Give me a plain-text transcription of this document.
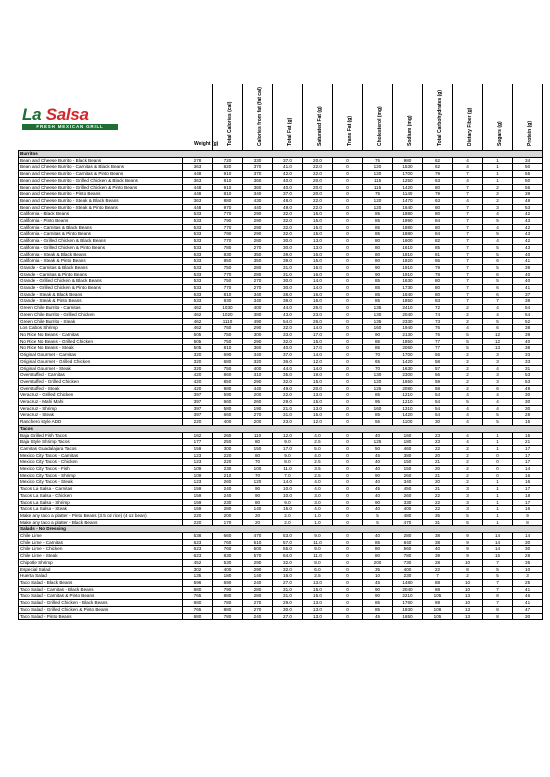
La Salsa
FRESH MEXICAN GRILL	Total Calories (cal)	Calories from fat (fat cal)	Total Fat (g)	Saturated Fat (g)	Trans Fat (g)	Cholesterol (mg)	Sodium (mg)	Total Carbohydrates (g)	Dietary Fiber (g)	Sugars (g)	Protein (g)
Weight (g)
Burritos												
Bean and Cheese Burrito - Black Beans	278	720	330	37.0	20.0	0	75	980	62	4	1	34
Bean and Cheese Burrito - Carnitas & Black Beans	363	820	370	41.0	22.0	0	120	1530	62	4	1	50
Bean and Cheese Burrito - Carnitas & Pinto Beans	448	910	370	42.0	22.0	0	120	1700	79	7	1	55
Bean and Cheese Burrito - Grilled Chicken & Black Beans	363	810	360	40.0	20.0	0	115	1250	63	4	1	50
Bean and Cheese Burrito - Grilled Chicken & Pinto Beans	448	910	360	40.0	20.0	0	115	1420	80	7	2	56
Bean and Cheese Burrito - Pinto Beans	448	810	340	37.0	20.0	0	75	1140	79	7	2	39
Bean and Cheese Burrito - Steak & Black Beans	363	880	430	48.0	22.0	0	120	1470	63	4	2	48
Bean and Cheese Burrito - Steak & Pinto Beans	448	970	440	49.0	22.0	0	120	1640	80	7	3	53
California - Black Beans	533	770	290	32.0	15.0	0	85	1880	80	7	4	42
California - Pinto Beans	533	790	290	32.0	15.0	0	85	1990	84	7	5	43
California - Carnitas & Black Beans	533	770	290	32.0	15.0	0	85	1880	80	7	4	42
California - Carnitas & Pinto Beans	533	790	290	32.0	15.0	0	85	1880	84	7	5	43
California - Grilled Chicken & Black Beans	533	770	280	30.0	13.0	0	80	1600	82	7	4	42
California - Grilled Chicken & Pinto Beans	533	780	270	30.0	13.0	0	80	1610	85	7	5	43
California - Steak & Black Beans	533	830	350	39.0	15.0	0	80	1810	81	7	5	40
California - Steak & Pinto Beans	533	850	350	39.0	15.0	0	80	1820	85	7	6	41
Grande - Carnitas & Black Beans	533	750	280	31.0	16.0	0	90	1910	79	7	5	39
Grande - Carnitas & Pinto Beans	533	770	280	31.0	16.0	0	90	1910	78	7	6	40
Grande - Grilled Chicken & Black Beans	533	750	270	30.0	14.0	0	85	1630	80	7	5	40
Grande - Grilled Chicken & Pinto Beans	533	770	270	30.0	14.0	0	85	1730	80	7	6	41
Grande - Steak & Black Beans	533	810	340	38.0	16.0	0	85	1840	80	7	6	37
Grande - Steak & Pinto Beans	533	830	340	38.0	16.0	0	85	1850	83	7	7	38
Green Chile Burrito - Carnitas	462	1030	400	44.0	26.0	0	135	2410	72	2	4	54
Green Chile Burrito - Grilled Chicken	462	1020	380	43.0	23.0	0	130	2040	74	2	4	54
Green Chile Burrito - Steak	462	1110	490	54.0	26.0	0	135	2330	73	2	5	52
Los Cabos Shrimp	462	750	290	32.0	14.0	0	160	1940	76	4	6	38
No Rice No Beans - Carnitas	505	750	300	33.0	17.0	0	90	2130	76	5	12	39
No Rice No Beans - Grilled Chicken	505	750	290	32.0	15.0	0	85	1850	77	5	12	40
No Rice No Beans - Steak	505	810	360	40.0	17.0	0	85	2060	77	5	13	38
Original Gourmet - Carnitas	320	690	340	37.0	14.0	0	70	1700	56	2	3	33
Original Gourmet - Grilled Chicken	320	680	320	36.0	12.0	0	65	1420	58	2	3	33
Original Gourmet - Steak	320	750	400	44.0	14.0	0	70	1630	57	2	4	31
Overstuffed - Carnitas	420	860	310	35.0	19.0	0	130	2300	56	2	3	53
Overstuffed - Grilled Chicken	420	850	290	32.0	15.0	0	120	1650	59	2	3	53
Overstuffed - Steak	420	980	440	49.0	20.0	0	125	2080	58	2	6	49
Veracruz - Grilled Chicken	397	590	200	22.0	13.0	0	85	1210	54	4	4	30
Veracruz - Mahi Mahi	397	660	260	29.0	15.0	0	95	1210	54	5	4	30
Veracruz - Shrimp	397	580	190	21.0	13.0	0	160	1310	54	4	4	30
Veracruz - Steak	397	660	270	31.0	15.0	0	85	1420	54	4	5	28
Ranchero style ADD	220	400	200	23.0	12.0	0	55	1100	30	4	5	15
Tacos												
Baja Grilled Fish Tacos	162	260	110	12.0	4.0	0	40	160	23	4	1	15
Baja Style Shrimp Tacos	177	250	80	9.0	2.5	0	125	180	23	4	1	21
Carnitas Guadalajara Tacos	159	300	150	17.0	5.0	0	50	460	22	2	1	17
Mexico City Tacos - Carnitas	123	220	80	9.0	4.0	0	45	380	20	2	0	17
Mexico City Tacos - Chicken	123	220	70	8.0	2.5	0	40	150	21	2	0	17
Mexico City Tacos - Fish	109	230	100	11.0	3.5	0	40	150	20	2	0	14
Mexico City Tacos - Shrimp	109	210	70	7.0	2.5	0	90	260	21	2	0	16
Mexico City Tacos - Steak	123	260	120	14.0	4.0	0	40	340	20	2	1	16
Tacos La Salsa - Carnitas	159	240	90	10.0	4.0	0	45	450	21	3	1	17
Tacos La Salsa - Chicken	159	240	90	10.0	3.0	0	40	260	22	3	1	18
Tacos La Salsa - Shrimp	159	230	80	9.0	3.0	0	90	330	22	3	1	17
Tacos La Salsa - Steak	159	280	140	15.0	4.0	0	40	400	22	3	1	16
Make any taco a platter - Pinto Beans (3.5 oz rice) (4 oz bean)	220	200	20	2.0	1.0	0	5	480	35	5	1	9
Make any taco a platter - Black Beans	220	170	20	2.0	1.0	0	5	470	31	5	1	8
Salads - No Dressing												
Chile Lime	538	660	470	53.0	9.0	0	40	280	38	9	14	14
Chile Lime - Carnitas	623	760	510	57.0	11.0	0	85	840	38	9	14	30
Chile Lime - Chicken	623	760	500	55.0	9.0	0	80	560	40	9	14	30
Chile Lime - Steak	623	830	570	64.0	11.0	0	80	780	39	9	15	28
Chipotle Shrimp	452	530	290	32.0	8.0	0	200	730	28	10	7	35
Especial Salad	302	400	290	32.0	6.0	0	35	400	22	8	5	10
Huerta Salad	135	180	140	16.0	2.5	0	10	230	7	2	5	3
Taco Salad - Black Beans	596	690	240	27.0	13.0	0	45	1480	88	10	7	25
Taco Salad - Carnitas - Black Beans	680	790	280	31.0	15.0	0	90	2040	88	10	7	41
Taco Salad - Carnitas & Pinto Beans	765	880	280	31.0	15.0	0	90	2210	105	13	8	46
Taco Salad - Grilled Chicken - Black Beans	680	780	270	29.0	13.0	0	85	1760	89	10	7	41
Taco Salad - Grilled Chicken & Pinto Beans	765	880	270	30.0	13.0	0	85	1930	106	13	8	47
Taco Salad - Pinto Beans	680	780	240	27.0	13.0	0	45	1650	105	13	8	30
